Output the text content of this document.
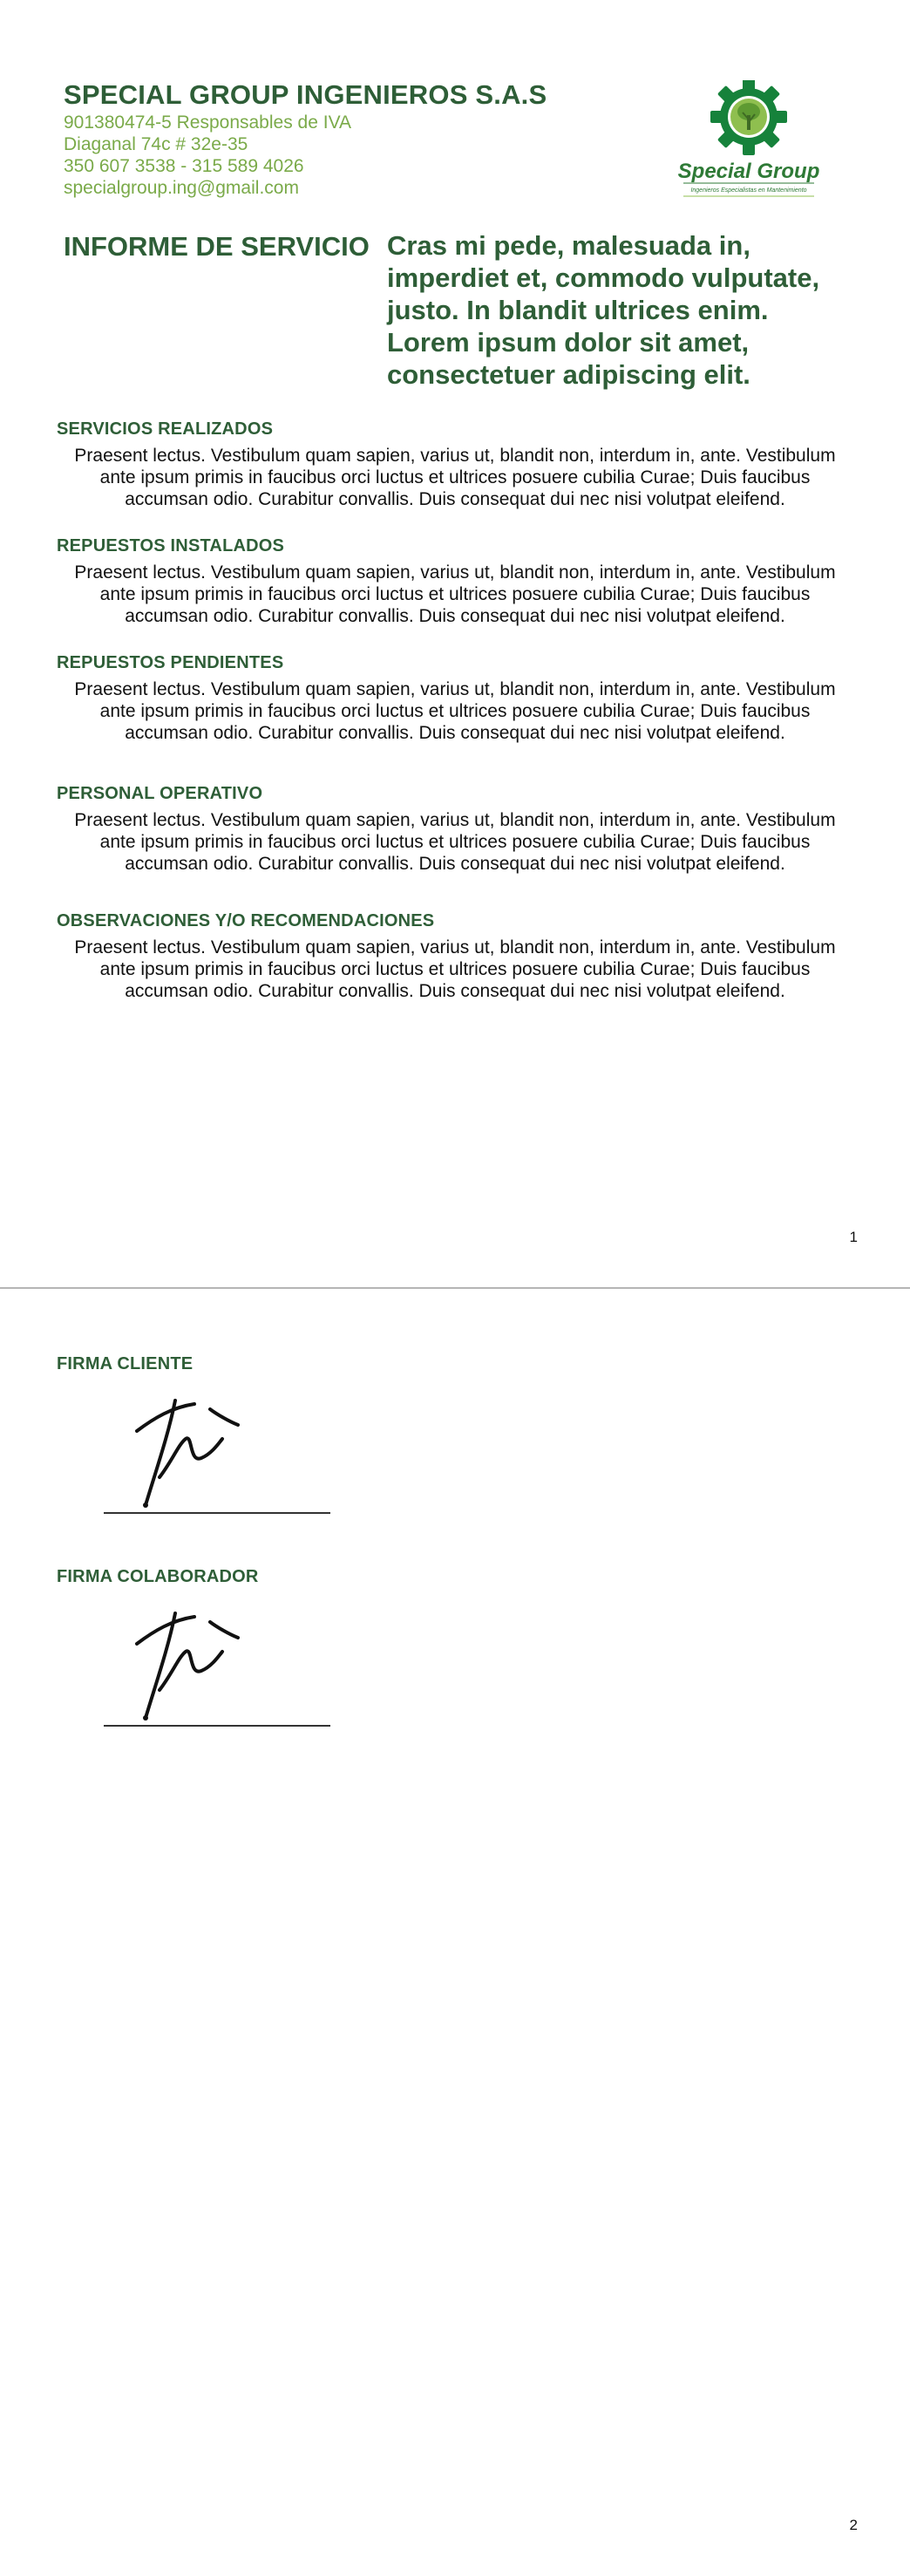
SPECIAL GROUP INGENIEROS S.A.S
901380474-5 Responsables de IVA
Diaganal 74c # 32e-35
350 607 3538 - 315 589 4026
specialgroup.ing@gmail.com
Special Group
Ingenieros Especialistas en Mantenimiento
INFORME DE SERVICIO Cras mi pede, malesuada in, imperdiet et, commodo vulputate, justo. In blandit ultrices enim. Lorem ipsum dolor sit amet, consectetuer adipiscing elit.
SERVICIOS REALIZADOS
Praesent lectus. Vestibulum quam sapien, varius ut, blandit non, interdum in, ante. Vestibulum ante ipsum primis in faucibus orci luctus et ultrices posuere cubilia Curae; Duis faucibus accumsan odio. Curabitur convallis. Duis consequat dui nec nisi volutpat eleifend.
REPUESTOS INSTALADOS
Praesent lectus. Vestibulum quam sapien, varius ut, blandit non, interdum in, ante. Vestibulum ante ipsum primis in faucibus orci luctus et ultrices posuere cubilia Curae; Duis faucibus accumsan odio. Curabitur convallis. Duis consequat dui nec nisi volutpat eleifend.
REPUESTOS PENDIENTES
Praesent lectus. Vestibulum quam sapien, varius ut, blandit non, interdum in, ante. Vestibulum ante ipsum primis in faucibus orci luctus et ultrices posuere cubilia Curae; Duis faucibus accumsan odio. Curabitur convallis. Duis consequat dui nec nisi volutpat eleifend.
PERSONAL OPERATIVO
Praesent lectus. Vestibulum quam sapien, varius ut, blandit non, interdum in, ante. Vestibulum ante ipsum primis in faucibus orci luctus et ultrices posuere cubilia Curae; Duis faucibus accumsan odio. Curabitur convallis. Duis consequat dui nec nisi volutpat eleifend.
OBSERVACIONES Y/O RECOMENDACIONES
Praesent lectus. Vestibulum quam sapien, varius ut, blandit non, interdum in, ante. Vestibulum ante ipsum primis in faucibus orci luctus et ultrices posuere cubilia Curae; Duis faucibus accumsan odio. Curabitur convallis. Duis consequat dui nec nisi volutpat eleifend.
1
FIRMA CLIENTE
FIRMA COLABORADOR
2
